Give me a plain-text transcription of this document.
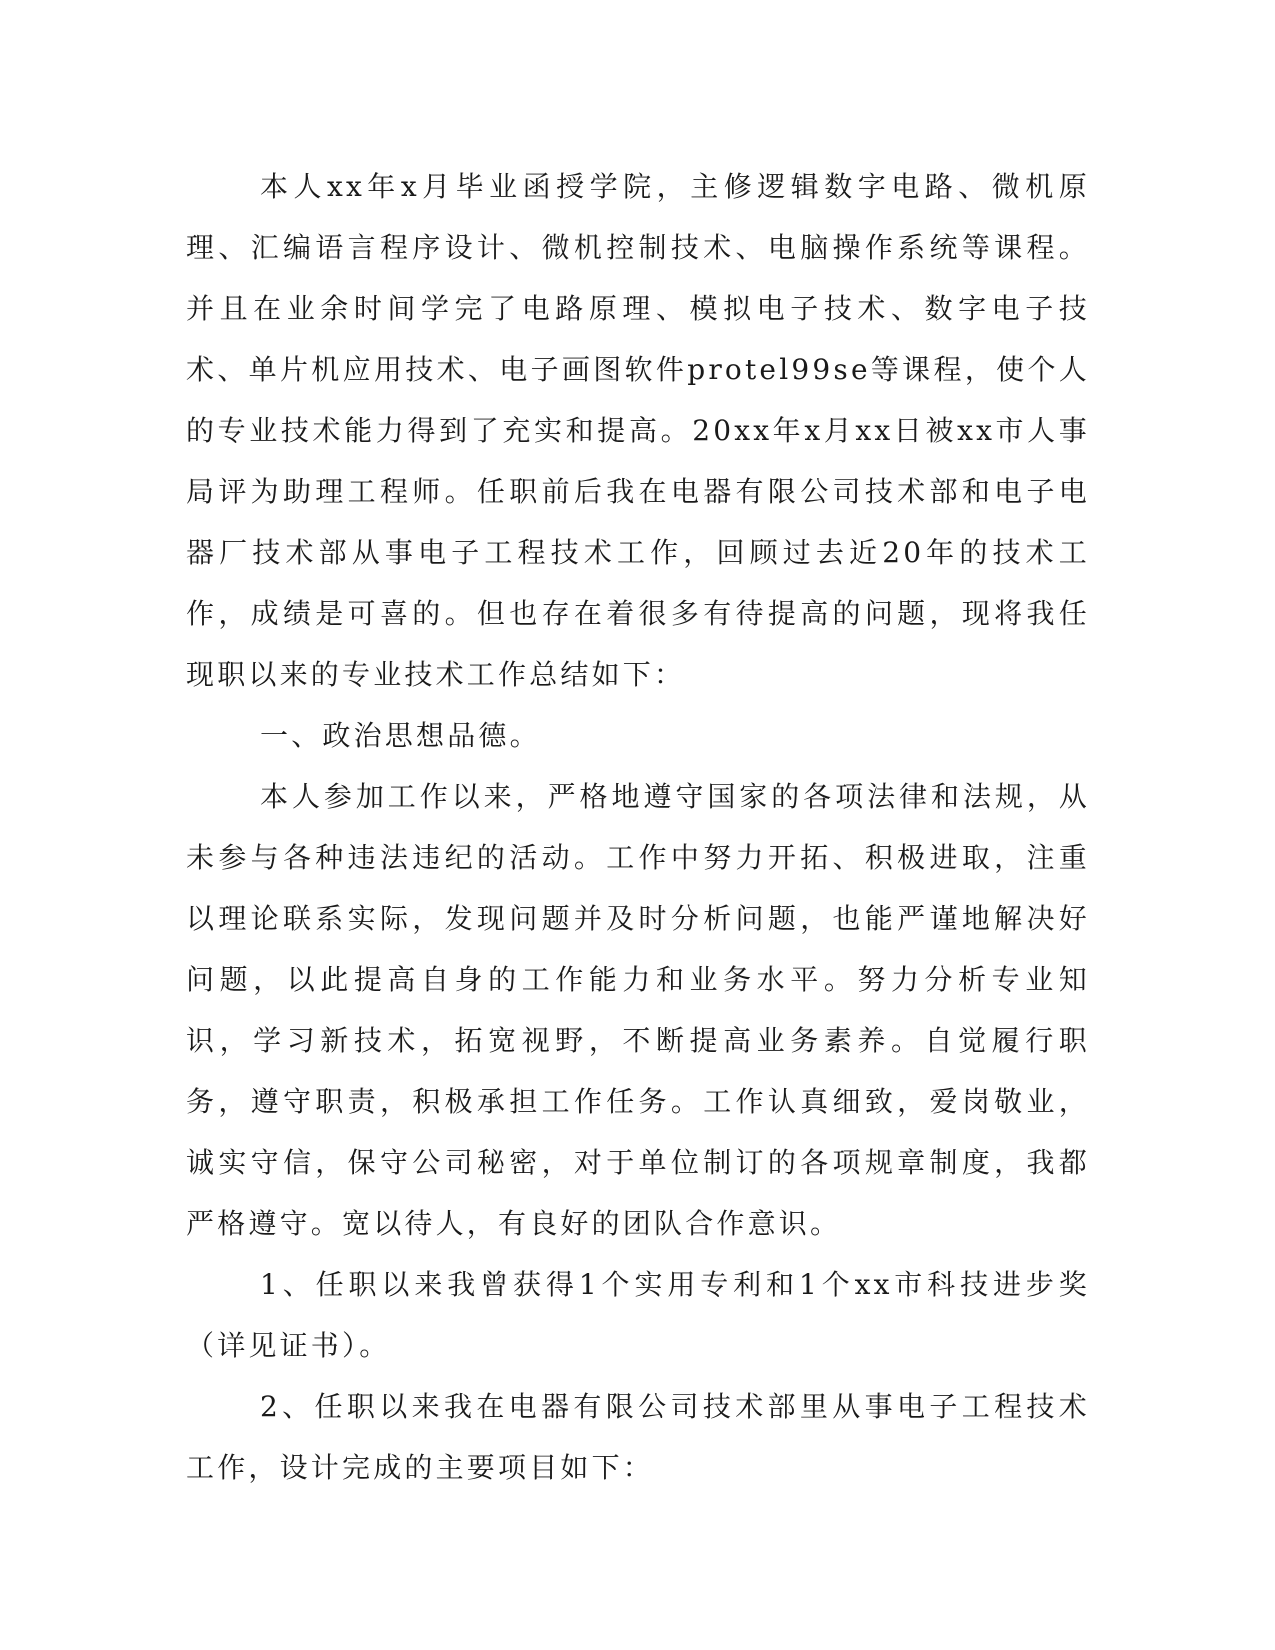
本人xx年x月毕业函授学院，主修逻辑数字电路、微机原理、汇编语言程序设计、微机控制技术、电脑操作系统等课程。并且在业余时间学完了电路原理、模拟电子技术、数字电子技术、单片机应用技术、电子画图软件protel99se等课程，使个人的专业技术能力得到了充实和提高。20xx年x月xx日被xx市人事局评为助理工程师。任职前后我在电器有限公司技术部和电子电器厂技术部从事电子工程技术工作，回顾过去近20年的技术工作，成绩是可喜的。但也存在着很多有待提高的问题，现将我任现职以来的专业技术工作总结如下：

一、政治思想品德。

本人参加工作以来，严格地遵守国家的各项法律和法规，从未参与各种违法违纪的活动。工作中努力开拓、积极进取，注重以理论联系实际，发现问题并及时分析问题，也能严谨地解决好问题，以此提高自身的工作能力和业务水平。努力分析专业知识，学习新技术，拓宽视野，不断提高业务素养。自觉履行职务，遵守职责，积极承担工作任务。工作认真细致，爱岗敬业，诚实守信，保守公司秘密，对于单位制订的各项规章制度，我都严格遵守。宽以待人，有良好的团队合作意识。

1、任职以来我曾获得1个实用专利和1个xx市科技进步奖（详见证书）。

2、任职以来我在电器有限公司技术部里从事电子工程技术工作，设计完成的主要项目如下：
